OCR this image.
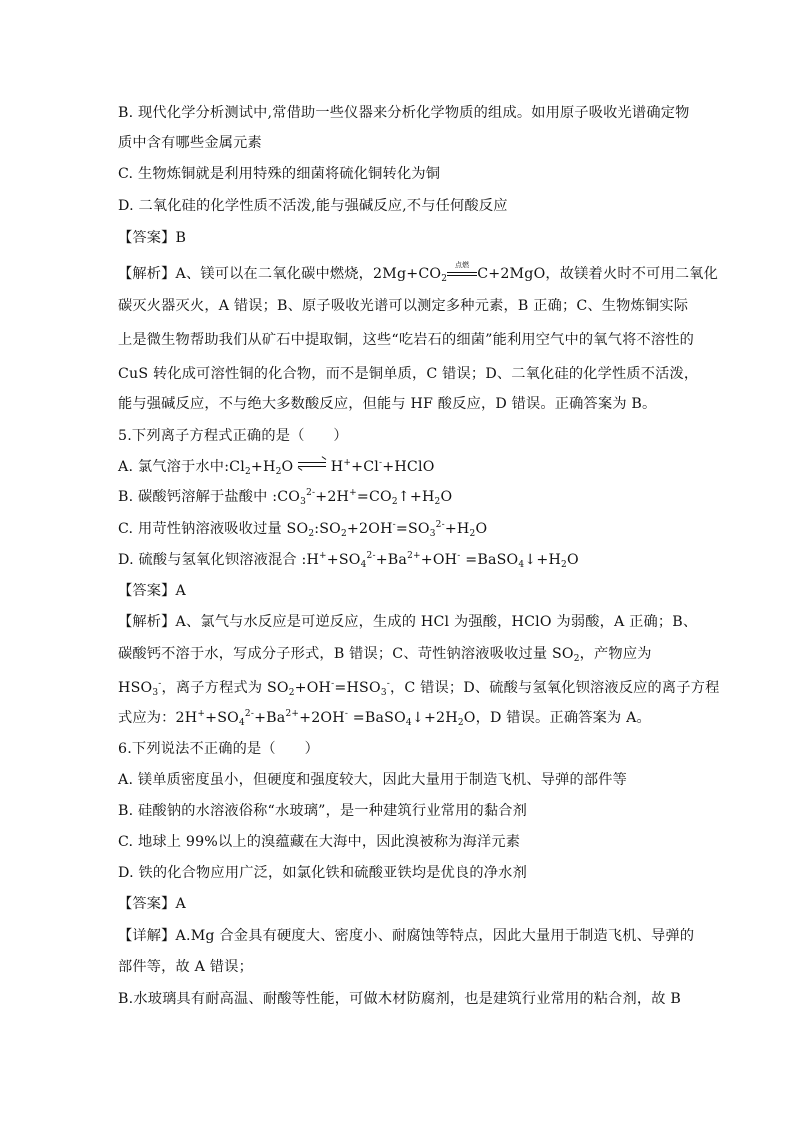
B. 现代化学分析测试中,常借助一些仪器来分析化学物质的组成。如用原子吸收光谱确定物
质中含有哪些金属元素
C. 生物炼铜就是利用特殊的细菌将硫化铜转化为铜
D. 二氧化硅的化学性质不活泼,能与强碱反应,不与任何酸反应
【答案】B
【解析】A、镁可以在二氧化碳中燃烧，$2Mg+CO_2$
点燃
C+2MgO，故镁着火时不可用二氧化
碳灭火器灭火，A 错误；B、原子吸收光谱可以测定多种元素，B 正确；C、生物炼铜实际
上是微生物帮助我们从矿石中提取铜，这些“吃岩石的细菌”能利用空气中的氧气将不溶性的
CuS 转化成可溶性铜的化合物，而不是铜单质，C 错误；D、二氧化硅的化学性质不活泼，
能与强碱反应，不与绝大多数酸反应，但能与 HF 酸反应，D 错误。正确答案为 B。
5.下列离子方程式正确的是（　　）
A. 氯气溶于水中$:Cl_2+H_2O$ ⇌ H++Cl-+HClO
B. 碳酸钙溶解于盐酸中 $:CO_3^{2-}+2H^+=CO_2↑+H_2O$
C. 用苛性钠溶液吸收过量 $SO_2:SO_2+2OH^-=SO_3^{2-}+H_2O$
D. 硫酸与氢氧化钡溶液混合 $:H^++SO_4^{2-}+Ba^{2+}+OH^-$ $=BaSO_4↓+H_2O$
【答案】A
【解析】A、氯气与水反应是可逆反应，生成的 HCl 为强酸，HClO 为弱酸，A 正确；B、
碳酸钙不溶于水，写成分子形式，B 错误；C、苛性钠溶液吸收过量 $SO_2$，产物应为
$HSO_3^-$，离子方程式为 $SO_2+OH^-=HSO_3^-$，C 错误；D、硫酸与氢氧化钡溶液反应的离子方程
式应为：$2H^++SO_4^{2-}+Ba^{2+}+2OH^-$ $=BaSO_4↓+2H_2O$，D 错误。正确答案为 A。
6.下列说法不正确的是（　　）
A. 镁单质密度虽小，但硬度和强度较大，因此大量用于制造飞机、导弹的部件等
B. 硅酸钠的水溶液俗称“水玻璃”，是一种建筑行业常用的黏合剂
C. 地球上 99%以上的溴蕴藏在大海中，因此溴被称为海洋元素
D. 铁的化合物应用广泛，如氯化铁和硫酸亚铁均是优良的净水剂
【答案】A
【详解】A.Mg 合金具有硬度大、密度小、耐腐蚀等特点，因此大量用于制造飞机、导弹的
部件等，故 A 错误；
B.水玻璃具有耐高温、耐酸等性能，可做木材防腐剂，也是建筑行业常用的粘合剂，故 B
